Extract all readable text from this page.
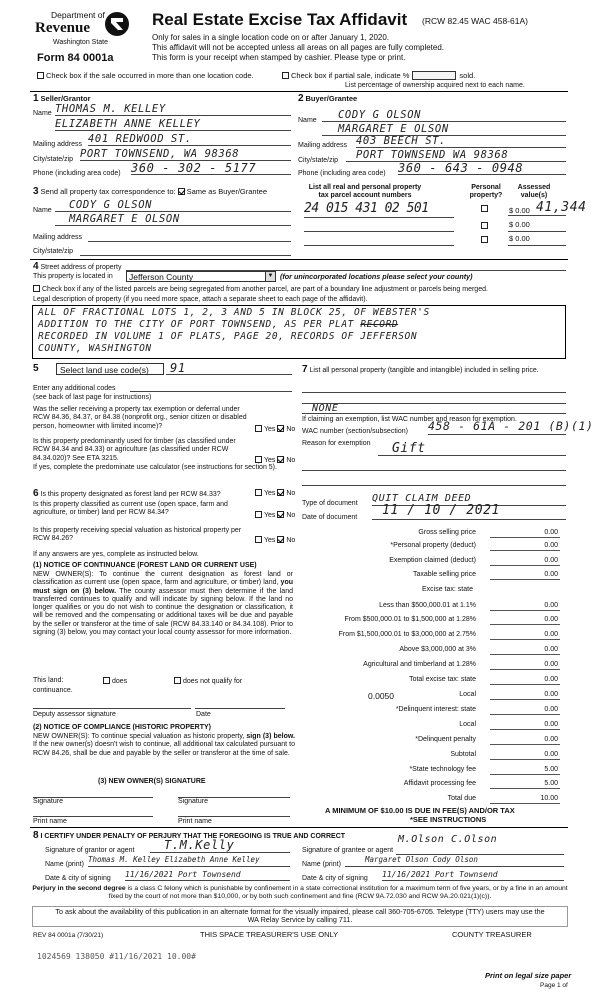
Department of
Revenue
Washington State
Form 84 0001a
Real Estate Excise Tax Affidavit (RCW 82.45 WAC 458-61A)
Only for sales in a single location code on or after January 1, 2020.
This affidavit will not be accepted unless all areas on all pages are fully completed.
This form is your receipt when stamped by cashier. Please type or print.
Check box if the sale occurred in more than one location code.	Check box if partial sale, indicate %	sold.
List percentage of ownership acquired next to each name.
1 Seller/Grantor
Name THOMAS M. KELLEY
ELIZABETH ANNE KELLEY
Mailing address 401 REDWOOD ST.
City/state/zip PORT TOWNSEND, WA 98368
Phone (including area code) 360 - 302 - 5177
2 Buyer/Grantee
Name	CODY G OLSON
MARGARET E OLSON
Mailing address 403 BEECH ST.
City/state/zip	PORT TOWNSEND WA 98368
Phone (including area code) 360 - 643 - 0948
3 Send all property tax correspondence to: Same as Buyer/Grantee
Name	CODY G OLSON
MARGARET E OLSON
Mailing address
City/state/zip
List all real and personal property tax parcel account numbers
Personal property?
Assessed value(s)
24 015 431 02 501	$ 0.00 41,344
$ 0.00
$ 0.00
4 Street address of property
This property is located in Jefferson County	▼ (for unincorporated locations please select your county)
Check box if any of the listed parcels are being segregated from another parcel, are part of a boundary line adjustment or parcels being merged.
Legal description of property (if you need more space, attach a separate sheet to each page of the affidavit).
ALL OF FRACTIONAL LOTS 1, 2, 3 AND 5 IN BLOCK 25, OF WEBSTER'S
ADDITION TO THE CITY OF PORT TOWNSEND, AS PER PLAT RECORD
RECORDED IN VOLUME 1 OF PLATS, PAGE 20, RECORDS OF JEFFERSON
COUNTY, WASHINGTON
5	Select land use code(s) 91
Enter any additional codes
(see back of last page for instructions)
Was the seller receiving a property tax exemption or deferral under RCW 84.36, 84.37, or 84.38 (nonprofit org., senior citizen or disabled person, homeowner with limited income)?	Yes No
Is this property predominantly used for timber (as classified under RCW 84.34 and 84.33) or agriculture (as classified under RCW 84.34.020)? See ETA 3215.	Yes No
If yes, complete the predominate use calculator (see instructions for section 5).
6 Is this property designated as forest land per RCW 84.33?	Yes No
Is this property classified as current use (open space, farm and agriculture, or timber) land per RCW 84.34?	Yes No
Is this property receiving special valuation as historical property per RCW 84.26?	Yes No
If any answers are yes, complete as instructed below.
(1) NOTICE OF CONTINUANCE (FOREST LAND OR CURRENT USE)
NEW OWNER(S): To continue the current designation as forest land or classification as current use (open space, farm and agriculture, or timber) land, you must sign on (3) below. The county assessor must then determine if the land transferred continues to qualify and will indicate by signing below. If the land no longer qualifies or you do not wish to continue the designation or classification, it will be removed and the compensating or additional taxes will be due and payable by the seller or transferor at the time of sale (RCW 84.33.140 or 84.34.108). Prior to signing (3) below, you may contact your local county assessor for more information.
This land:	does	does not qualify for
continuance.
Deputy assessor signature	Date
(2) NOTICE OF COMPLIANCE (HISTORIC PROPERTY)
NEW OWNER(S): To continue special valuation as historic property, sign (3) below. If the new owner(s) doesn't wish to continue, all additional tax calculated pursuant to RCW 84.26, shall be due and payable by the seller or transferor at the time of sale.
(3) NEW OWNER(S) SIGNATURE
Signature	Signature
Print name	Print name
7 List all personal property (tangible and intangible) included in selling price.
NONE
If claiming an exemption, list WAC number and reason for exemption.
WAC number (section/subsection) 458 - 61A - 201 (B)(1)
Reason for exemption Gift
Type of document QUIT CLAIM DEED
Date of document	11 / 10 / 2021
Gross selling price	0.00
*Personal property (deduct)	0.00
Exemption claimed (deduct)	0.00
Taxable selling price	0.00
Excise tax: state
Less than $500,000.01 at 1.1%	0.00
From $500,000.01 to $1,500,000 at 1.28%	0.00
From $1,500,000.01 to $3,000,000 at 2.75%	0.00
Above $3,000,000 at 3%	0.00
Agricultural and timberland at 1.28%	0.00
Total excise tax: state	0.00
0.0050	Local	0.00
*Delinquent interest: state	0.00
Local	0.00
*Delinquent penalty	0.00
Subtotal	0.00
*State technology fee	5.00
Affidavit processing fee	5.00
Total due	10.00
A MINIMUM OF $10.00 IS DUE IN FEE(S) AND/OR TAX
*SEE INSTRUCTIONS
8 I CERTIFY UNDER PENALTY OF PERJURY THAT THE FOREGOING IS TRUE AND CORRECT
Signature of grantor or agent	T.M.Kelly
Name (print)
Thomas M. Kelley Elizabeth Anne Kelley
Date & city of signing 11/16/2021 Port Townsend
M.Olson C.Olson
Signature of grantee or agent
Name (print)
Margaret Olson Cody Olson
Date & city of signing 11/16/2021 Port Townsend
Perjury in the second degree is a class C felony which is punishable by confinement in a state correctional institution for a maximum term of five years, or by a fine in an amount fixed by the court of not more than $10,000, or by both such confinement and fine (RCW 9A.72.030 and RCW 9A.20.021(1)(c)).
To ask about the availability of this publication in an alternate format for the visually impaired, please call 360-705-6705. Teletype (TTY) users may use the WA Relay Service by calling 711.
REV 84 0001a (7/30/21)	THIS SPACE TREASURER'S USE ONLY	COUNTY TREASURER
1024569 138050 #11/16/2021 10.00#
Print on legal size paper
Page 1 of
